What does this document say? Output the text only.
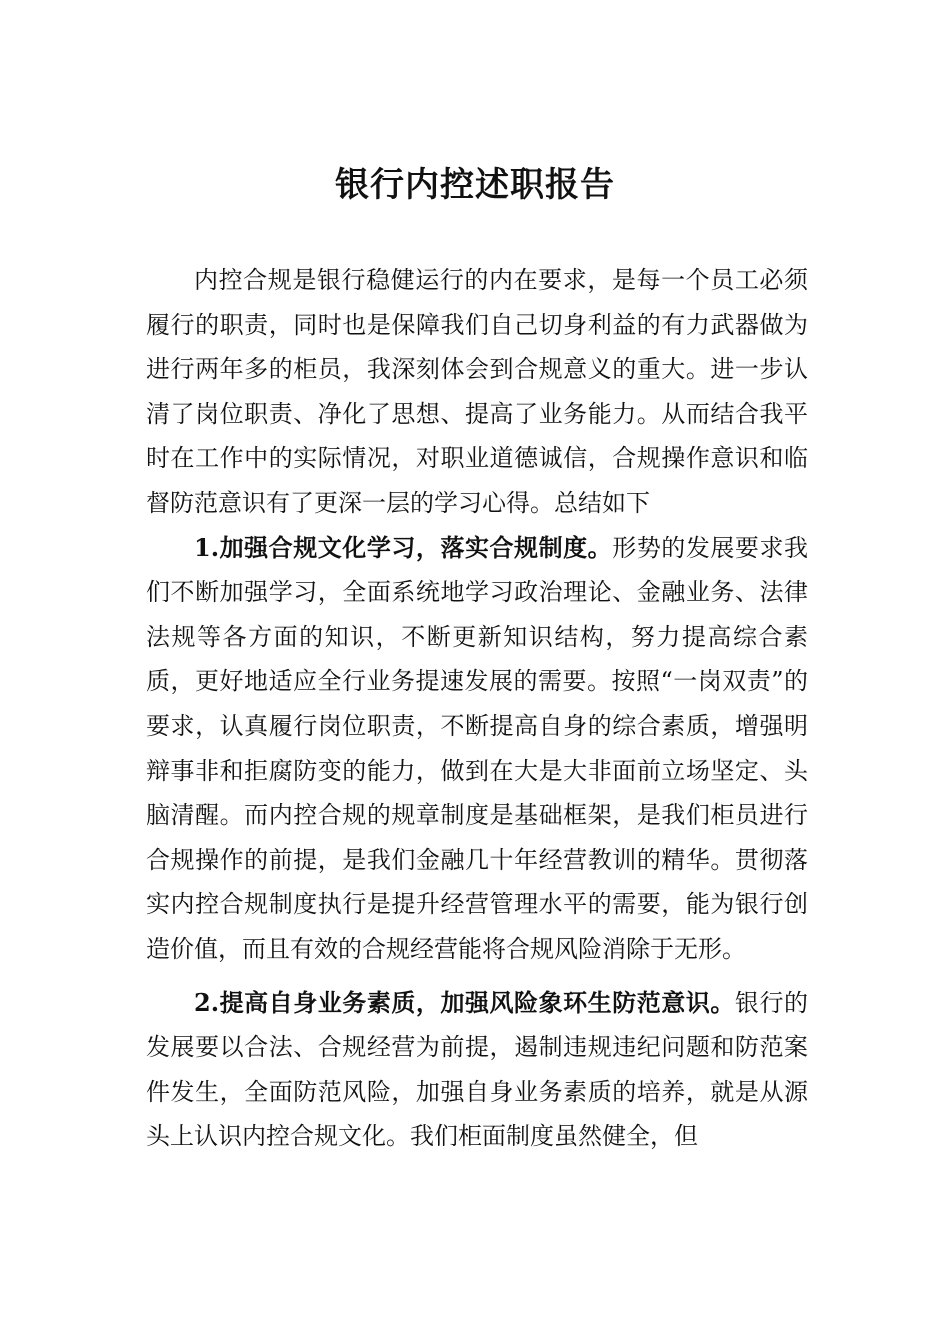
银行内控述职报告

内控合规是银行稳健运行的内在要求，是每一个员工必须履行的职责，同时也是保障我们自己切身利益的有力武器做为进行两年多的柜员，我深刻体会到合规意义的重大。进一步认清了岗位职责、净化了思想、提高了业务能力。从而结合我平时在工作中的实际情况，对职业道德诚信，合规操作意识和临督防范意识有了更深一层的学习心得。总结如下

1.加强合规文化学习，落实合规制度。形势的发展要求我们不断加强学习，全面系统地学习政治理论、金融业务、法律法规等各方面的知识，不断更新知识结构，努力提高综合素质，更好地适应全行业务提速发展的需要。按照“一岗双责”的要求，认真履行岗位职责，不断提高自身的综合素质，增强明辩事非和拒腐防变的能力，做到在大是大非面前立场坚定、头脑清醒。而内控合规的规章制度是基础框架，是我们柜员进行合规操作的前提，是我们金融几十年经营教训的精华。贯彻落实内控合规制度执行是提升经营管理水平的需要，能为银行创造价值，而且有效的合规经营能将合规风险消除于无形。

2.提高自身业务素质，加强风险象环生防范意识。银行的发展要以合法、合规经营为前提，遏制违规违纪问题和防范案件发生，全面防范风险，加强自身业务素质的培养，就是从源头上认识内控合规文化。我们柜面制度虽然健全，但
